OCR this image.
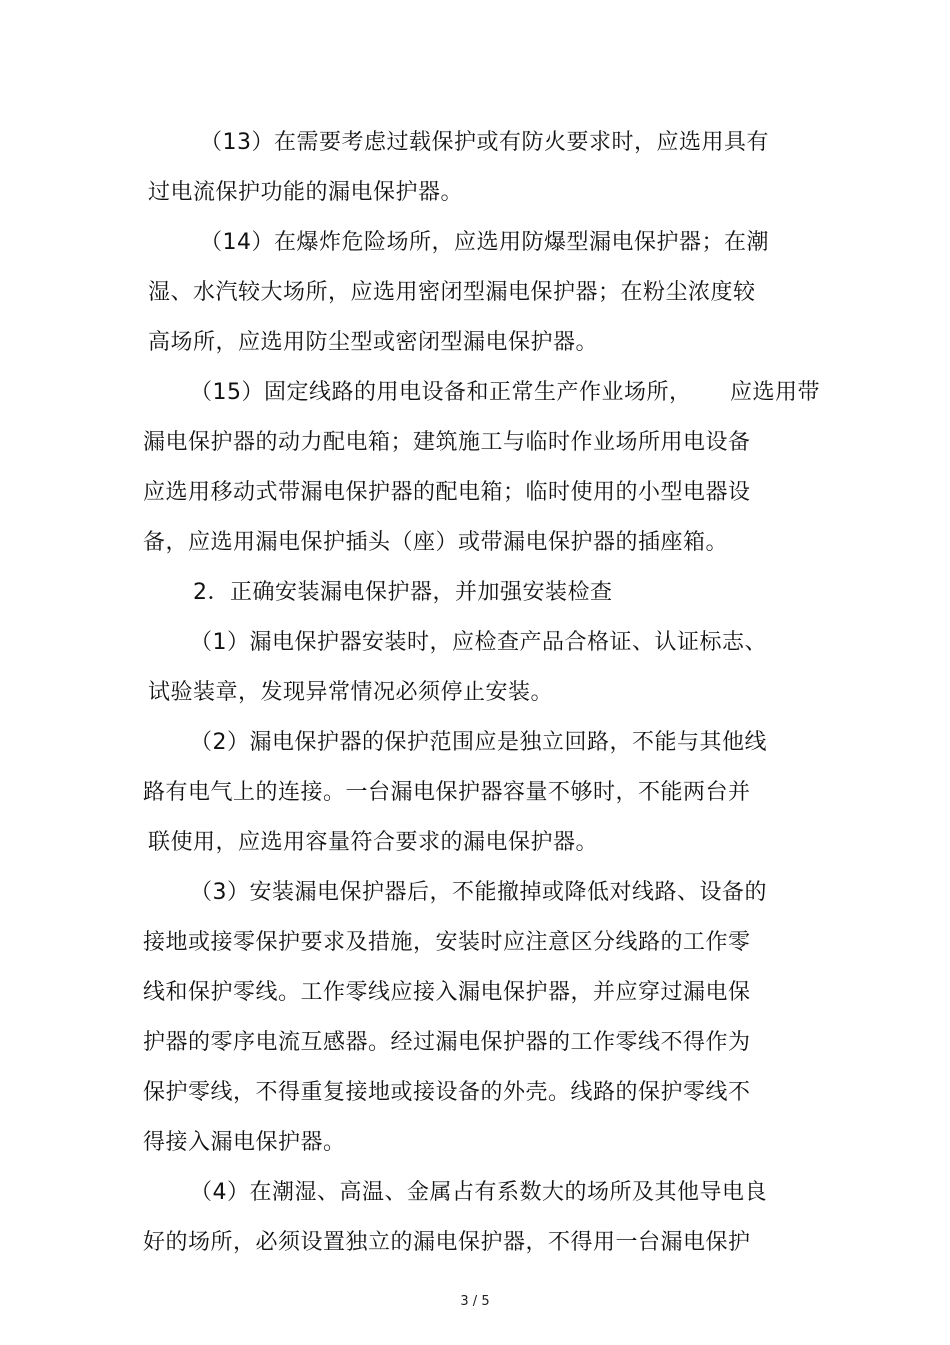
（13）在需要考虑过载保护或有防火要求时，应选用具有
过电流保护功能的漏电保护器。
（14）在爆炸危险场所，应选用防爆型漏电保护器；在潮
湿、水汽较大场所，应选用密闭型漏电保护器；在粉尘浓度较
高场所，应选用防尘型或密闭型漏电保护器。
（15）固定线路的用电设备和正常生产作业场所， 应选用带
漏电保护器的动力配电箱；建筑施工与临时作业场所用电设备
应选用移动式带漏电保护器的配电箱；临时使用的小型电器设
备，应选用漏电保护插头（座）或带漏电保护器的插座箱。
2．正确安装漏电保护器，并加强安装检查
（1）漏电保护器安装时，应检查产品合格证、认证标志、
试验装章，发现异常情况必须停止安装。
（2）漏电保护器的保护范围应是独立回路，不能与其他线
路有电气上的连接。一台漏电保护器容量不够时，不能两台并
联使用，应选用容量符合要求的漏电保护器。
（3）安装漏电保护器后，不能撤掉或降低对线路、设备的
接地或接零保护要求及措施，安装时应注意区分线路的工作零
线和保护零线。工作零线应接入漏电保护器，并应穿过漏电保
护器的零序电流互感器。经过漏电保护器的工作零线不得作为
保护零线，不得重复接地或接设备的外壳。线路的保护零线不
得接入漏电保护器。
（4）在潮湿、高温、金属占有系数大的场所及其他导电良
好的场所，必须设置独立的漏电保护器，不得用一台漏电保护
3 / 5
